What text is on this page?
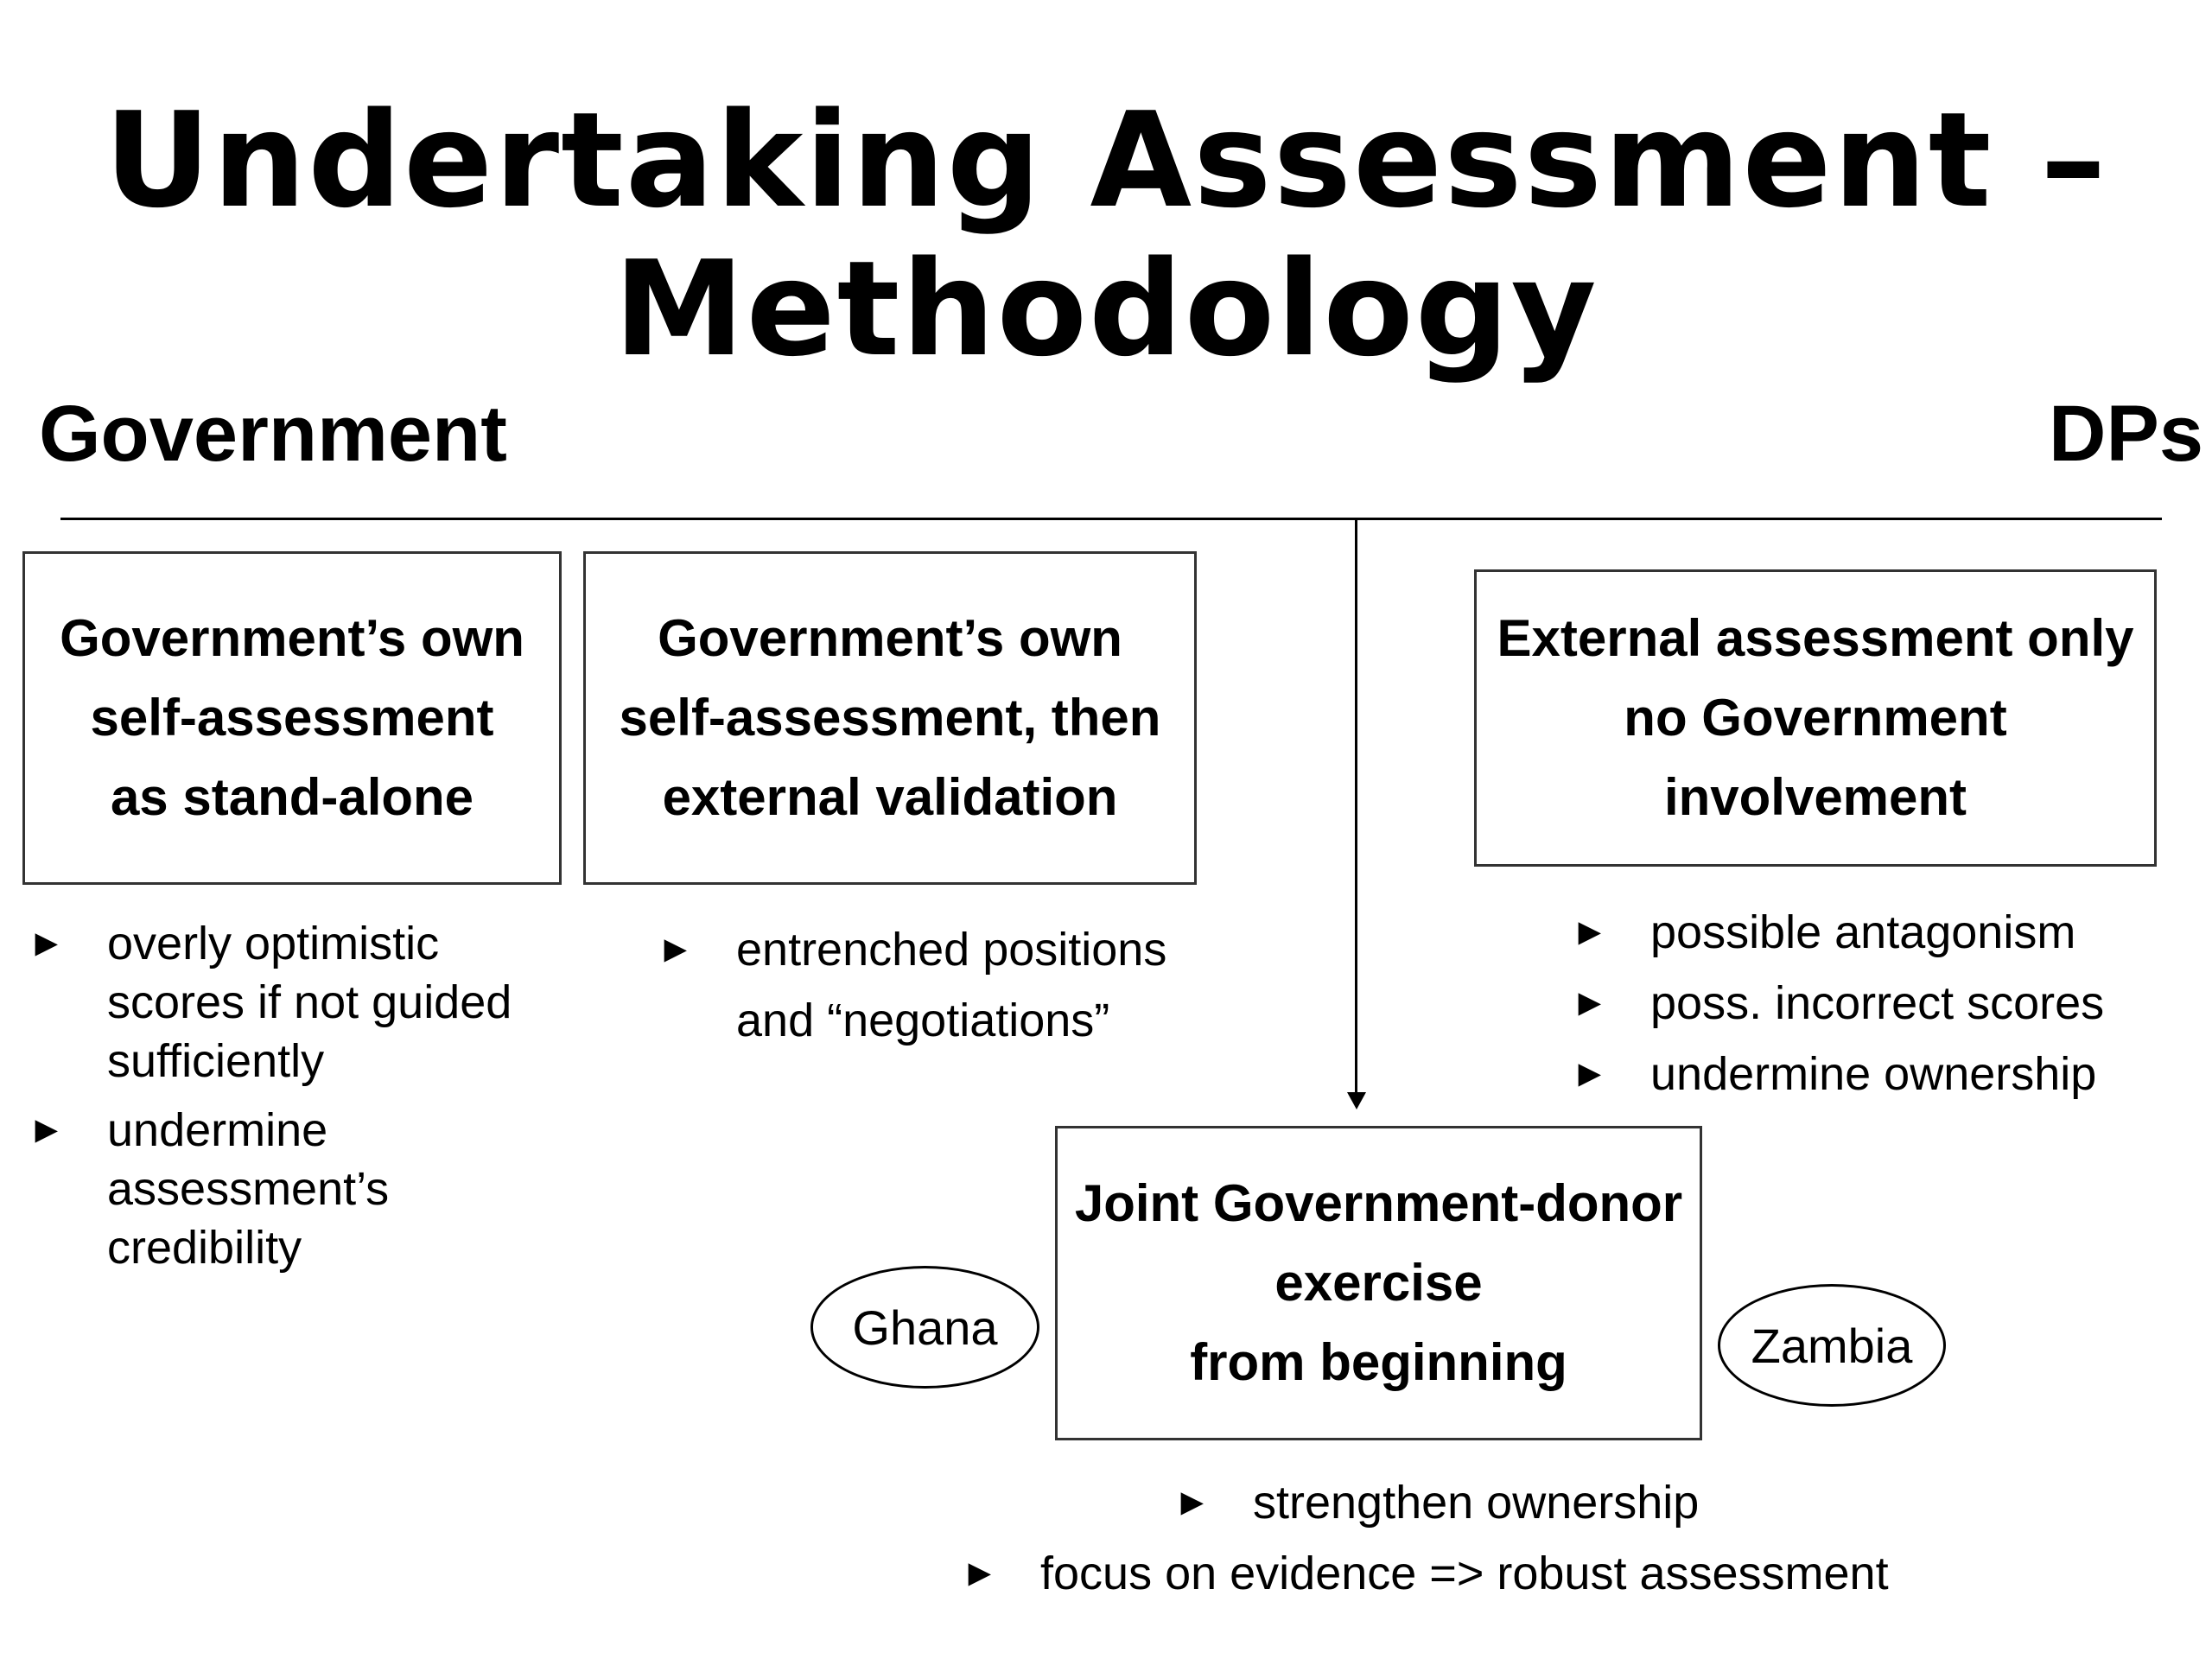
Undertaking Assessment –
Methodology
Government	DPs
Government’s own
self-assessment
as stand-alone
Government’s own
self-assessment, then
external validation
External assessment only
no Government
involvement
Joint Government-donor
exercise
from beginning
Ghana	Zambia
► overly optimistic
scores if not guided
sufficiently
► undermine
assessment’s
credibility
► entrenched positions
and “negotiations”
► possible antagonism
► poss. incorrect scores
► undermine ownership
► strengthen ownership
► focus on evidence => robust assessment
